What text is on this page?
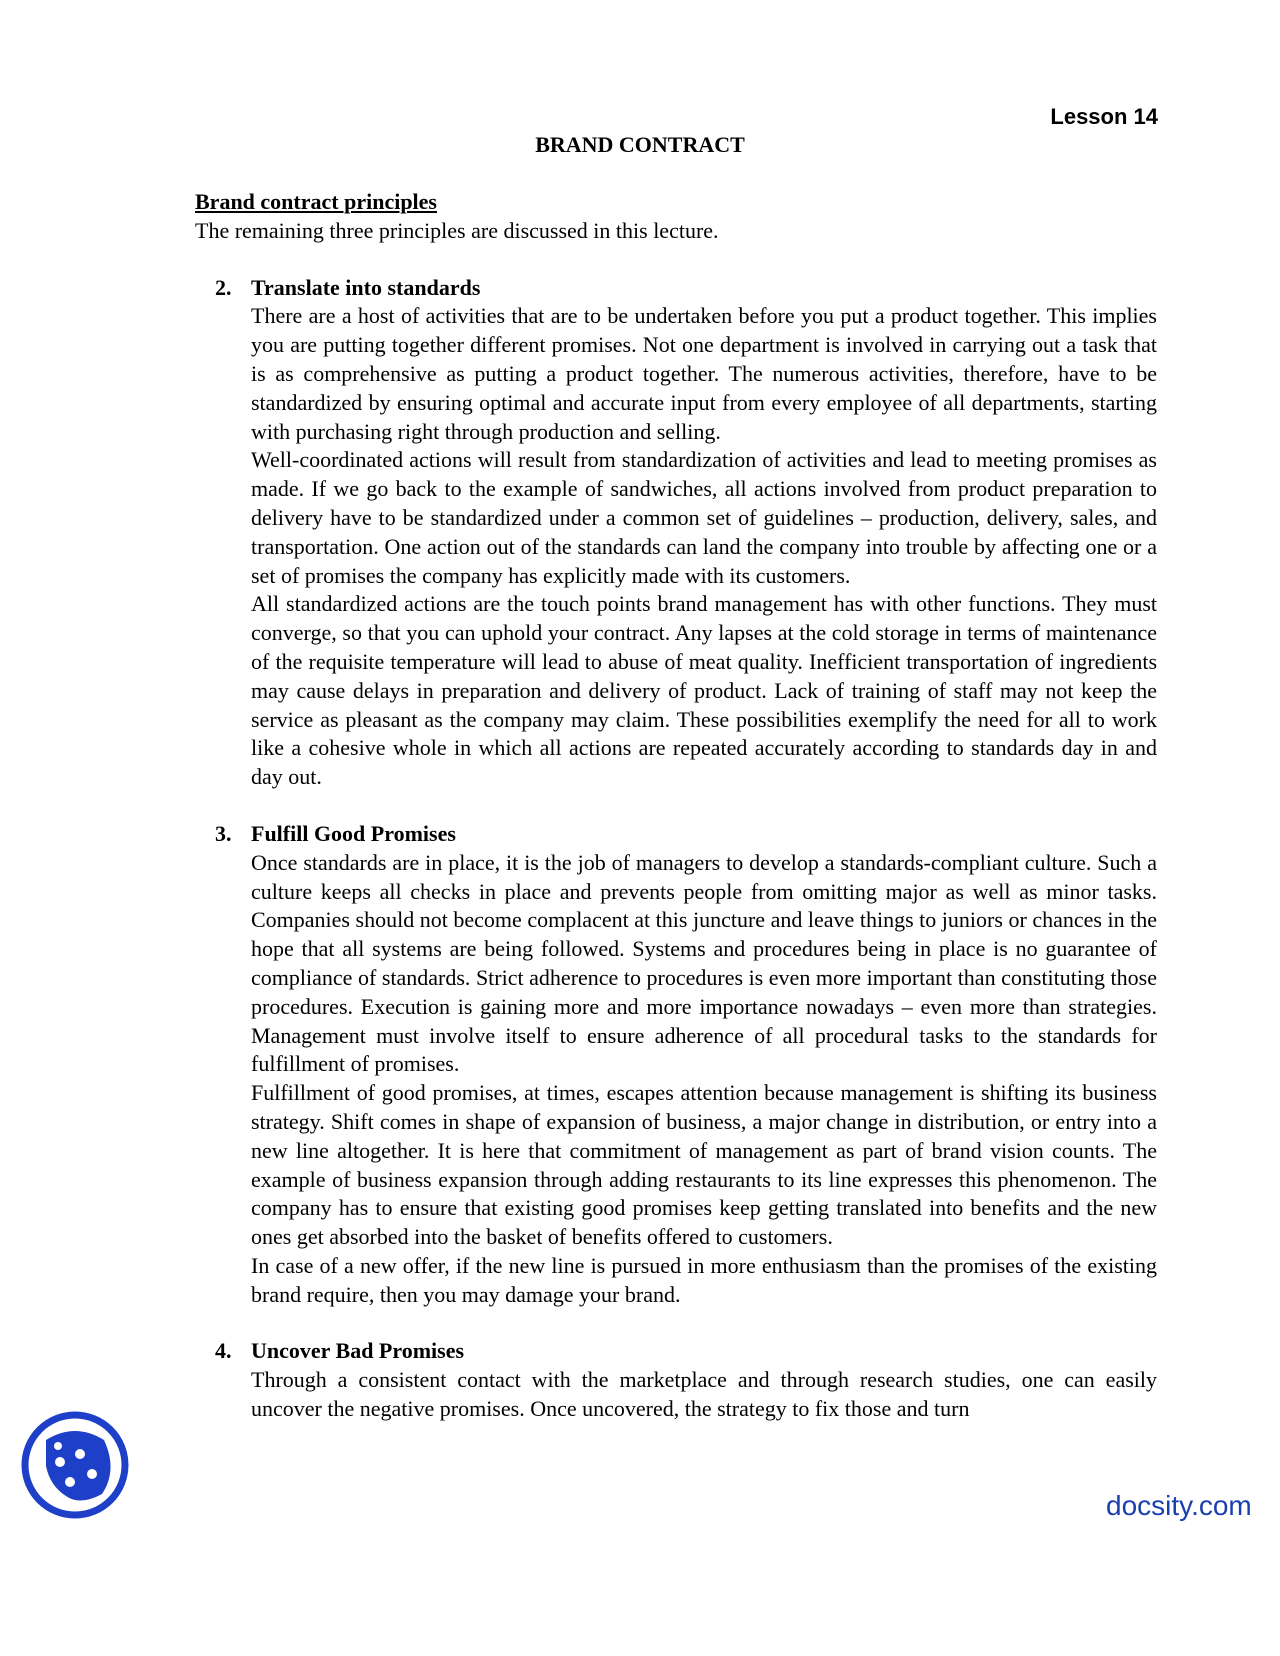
Lesson 14
BRAND CONTRACT

Brand contract principles

The remaining three principles are discussed in this lecture.

2. Translate into standards

There are a host of activities that are to be undertaken before you put a product together. This implies you are putting together different promises. Not one department is involved in carrying out a task that is as comprehensive as putting a product together. The numerous activities, therefore, have to be standardized by ensuring optimal and accurate input from every employee of all departments, starting with purchasing right through production and selling.

Well-coordinated actions will result from standardization of activities and lead to meeting promises as made. If we go back to the example of sandwiches, all actions involved from product preparation to delivery have to be standardized under a common set of guidelines – production, delivery, sales, and transportation. One action out of the standards can land the company into trouble by affecting one or a set of promises the company has explicitly made with its customers.

All standardized actions are the touch points brand management has with other functions. They must converge, so that you can uphold your contract. Any lapses at the cold storage in terms of maintenance of the requisite temperature will lead to abuse of meat quality. Inefficient transportation of ingredients may cause delays in preparation and delivery of product. Lack of training of staff may not keep the service as pleasant as the company may claim. These possibilities exemplify the need for all to work like a cohesive whole in which all actions are repeated accurately according to standards day in and day out.

3. Fulfill Good Promises

Once standards are in place, it is the job of managers to develop a standards-compliant culture. Such a culture keeps all checks in place and prevents people from omitting major as well as minor tasks. Companies should not become complacent at this juncture and leave things to juniors or chances in the hope that all systems are being followed. Systems and procedures being in place is no guarantee of compliance of standards. Strict adherence to procedures is even more important than constituting those procedures. Execution is gaining more and more importance nowadays – even more than strategies. Management must involve itself to ensure adherence of all procedural tasks to the standards for fulfillment of promises.

Fulfillment of good promises, at times, escapes attention because management is shifting its business strategy. Shift comes in shape of expansion of business, a major change in distribution, or entry into a new line altogether. It is here that commitment of management as part of brand vision counts. The example of business expansion through adding restaurants to its line expresses this phenomenon. The company has to ensure that existing good promises keep getting translated into benefits and the new ones get absorbed into the basket of benefits offered to customers.

In case of a new offer, if the new line is pursued in more enthusiasm than the promises of the existing brand require, then you may damage your brand.

4. Uncover Bad Promises

Through a consistent contact with the marketplace and through research studies, one can easily uncover the negative promises. Once uncovered, the strategy to fix those and turn

docsity.com
